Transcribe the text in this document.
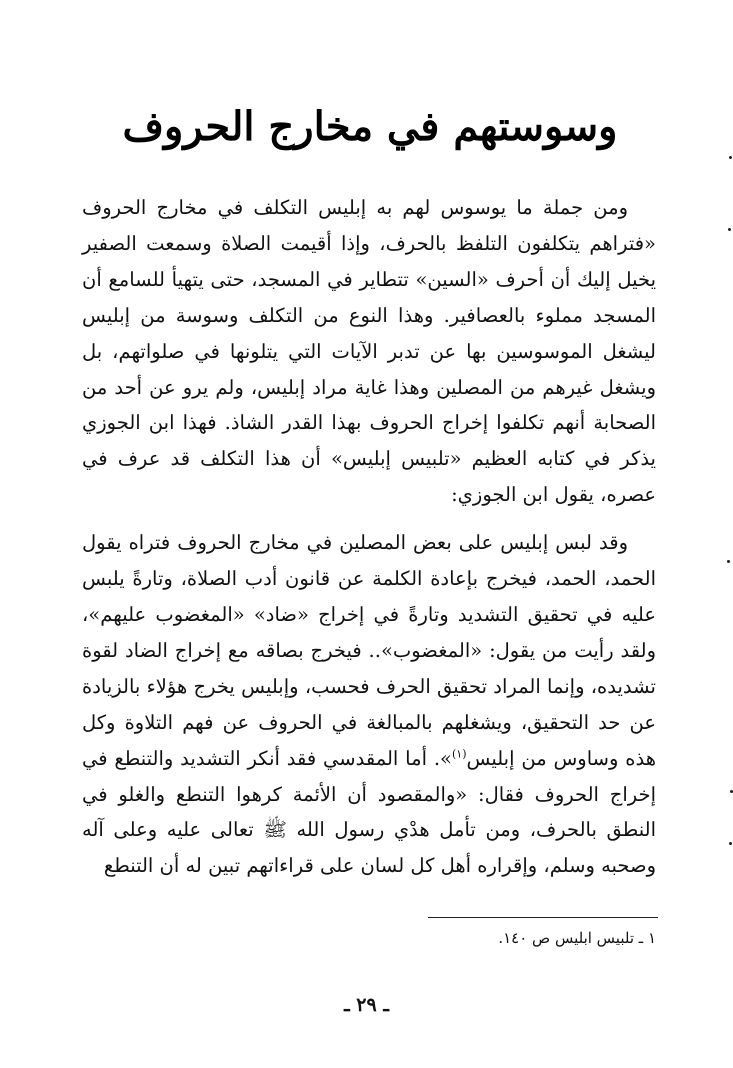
وسوستهم في مخارج الحروف

ومن جملة ما يوسوس لهم به إبليس التكلف في مخارج الحروف «فتراهم يتكلفون التلفظ بالحرف، وإذا أقيمت الصلاة وسمعت الصفير يخيل إليك أن أحرف «السين» تتطاير في المسجد، حتى يتهيأ للسامع أن المسجد مملوء بالعصافير. وهذا النوع من التكلف وسوسة من إبليس ليشغل الموسوسين بها عن تدبر الآيات التي يتلونها في صلواتهم، بل ويشغل غيرهم من المصلين وهذا غاية مراد إبليس، ولم يرو عن أحد من الصحابة أنهم تكلفوا إخراج الحروف بهذا القدر الشاذ. فهذا ابن الجوزي يذكر في كتابه العظيم «تلبيس إبليس» أن هذا التكلف قد عرف في عصره، يقول ابن الجوزي:

وقد لبس إبليس على بعض المصلين في مخارج الحروف فتراه يقول الحمد، الحمد، فيخرج بإعادة الكلمة عن قانون أدب الصلاة، وتارةً يلبس عليه في تحقيق التشديد وتارةً في إخراج «ضاد» «المغضوب عليهم»، ولقد رأيت من يقول: «المغضوب».. فيخرج بصاقه مع إخراج الضاد لقوة تشديده، وإنما المراد تحقيق الحرف فحسب، وإبليس يخرج هؤلاء بالزيادة عن حد التحقيق، ويشغلهم بالمبالغة في الحروف عن فهم التلاوة وكل هذه وساوس من إبليس$^{(١)}$». أما المقدسي فقد أنكر التشديد والتنطع في إخراج الحروف فقال: «والمقصود أن الأئمة كرهوا التنطع والغلو في النطق بالحرف، ومن تأمل هدْي رسول الله ﷺ تعالى عليه وعلى آله وصحبه وسلم، وإقراره أهل كل لسان على قراءاتهم تبين له أن التنطع

١ ـ تلبيس ابليس ص ١٤٠.
ـ ٢٩ ـ
